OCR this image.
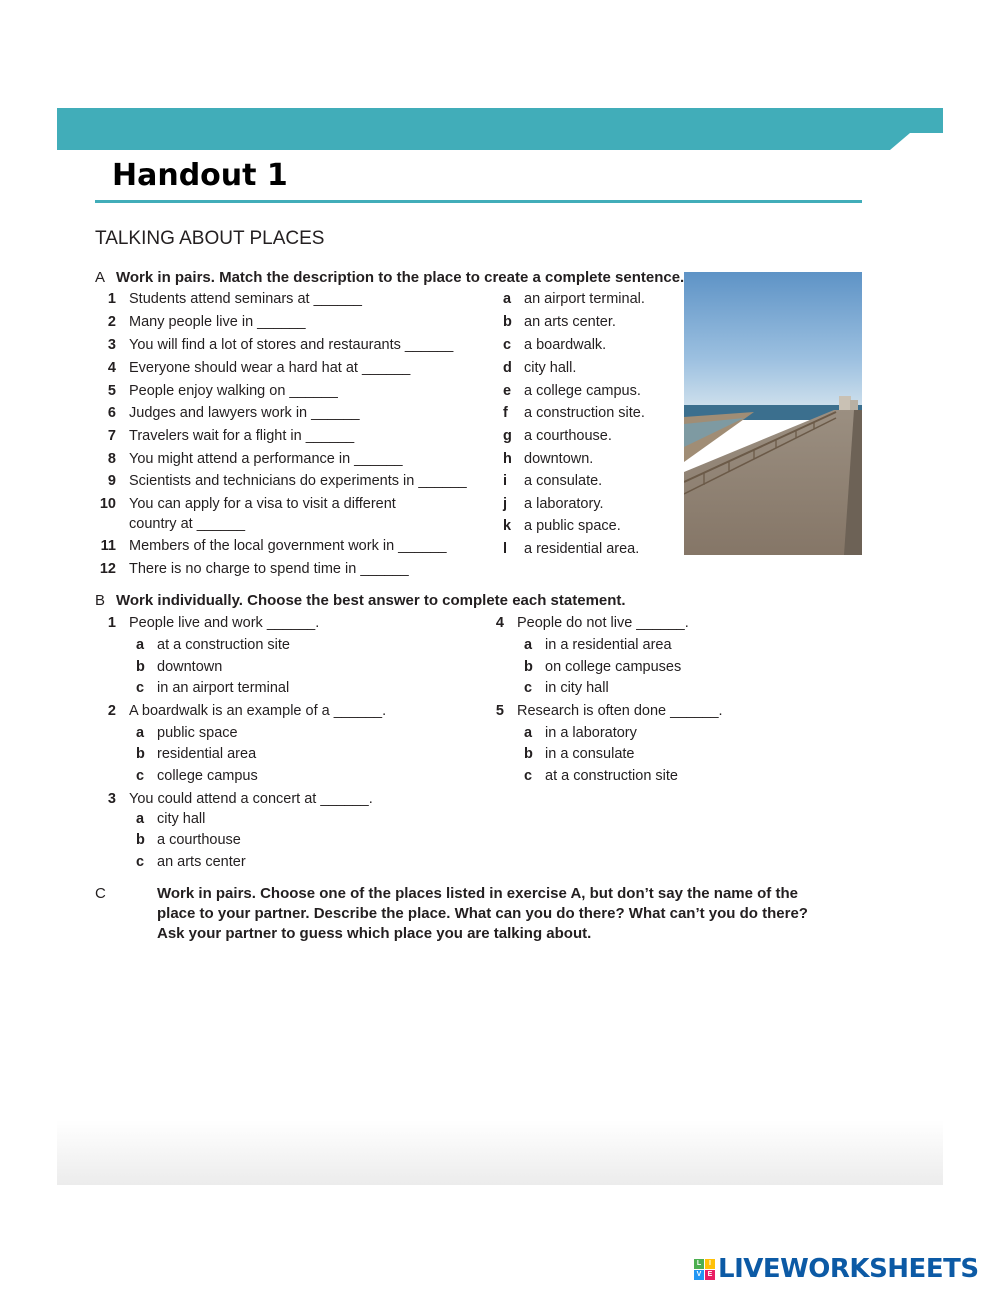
Handout 1
TALKING ABOUT PLACES
A Work in pairs. Match the description to the place to create a complete sentence.
1 Students attend seminars at ______
2 Many people live in ______
3 You will find a lot of stores and restaurants ______
4 Everyone should wear a hard hat at ______
5 People enjoy walking on ______
6 Judges and lawyers work in ______
7 Travelers wait for a flight in ______
8 You might attend a performance in ______
9 Scientists and technicians do experiments in ______
10 You can apply for a visa to visit a different
country at ______
11 Members of the local government work in ______
12 There is no charge to spend time in ______
a an airport terminal.
b an arts center.
c a boardwalk.
d city hall.
e a college campus.
f	a construction site.
g a courthouse.
h downtown.
i	a consulate.
j	a laboratory.
k a public space.
l	a residential area.
B Work individually. Choose the best answer to complete each statement.
1 People live and work ______.
a at a construction site
b downtown
c in an airport terminal
2 A boardwalk is an example of a ______.
a public space
b residential area
c college campus
3 You could attend a concert at ______.
a city hall
b a courthouse
c an arts center
4 People do not live ______.
a in a residential area
b on college campuses
c in city hall
5 Research is often done ______.
a in a laboratory
b in a consulate
c at a construction site
C	Work in pairs. Choose one of the places listed in exercise A, but don’t say the name of the place to your partner. Describe the place. What can you do there? What can’t you do there? Ask your partner to guess which place you are talking about.
L	I
V E LIVEWORKSHEETS
